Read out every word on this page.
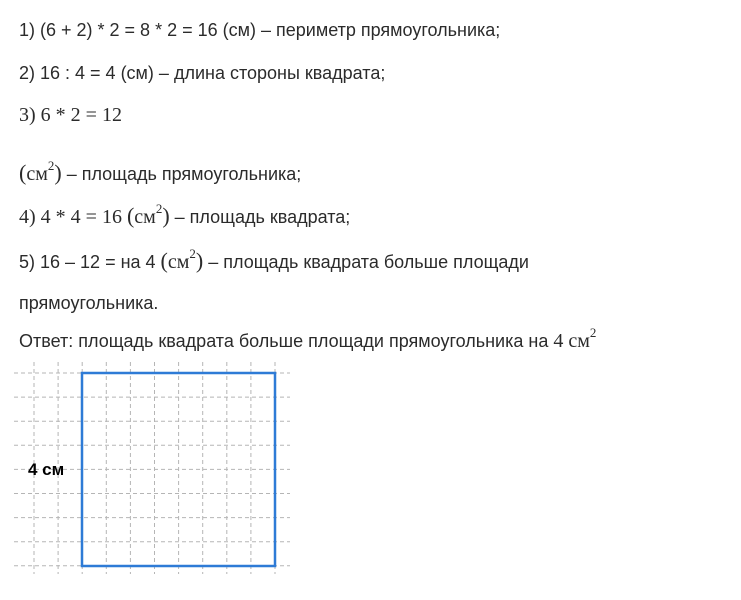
1) (6 + 2) * 2 = 8 * 2 = 16 (см) – периметр прямоугольника;

2) 16 : 4 = 4 (см) – длина стороны квадрата;

3) 6 * 2 = 12

$(см^2)$ – площадь прямоугольника;

4) 4 * 4 = 16 $(см^2)$ – площадь квадрата;

5) 16 – 12 = на 4 $(см^2)$ – площадь квадрата больше площади

прямоугольника.

Ответ: площадь квадрата больше площади прямоугольника на 4 $см^2$

4 см
